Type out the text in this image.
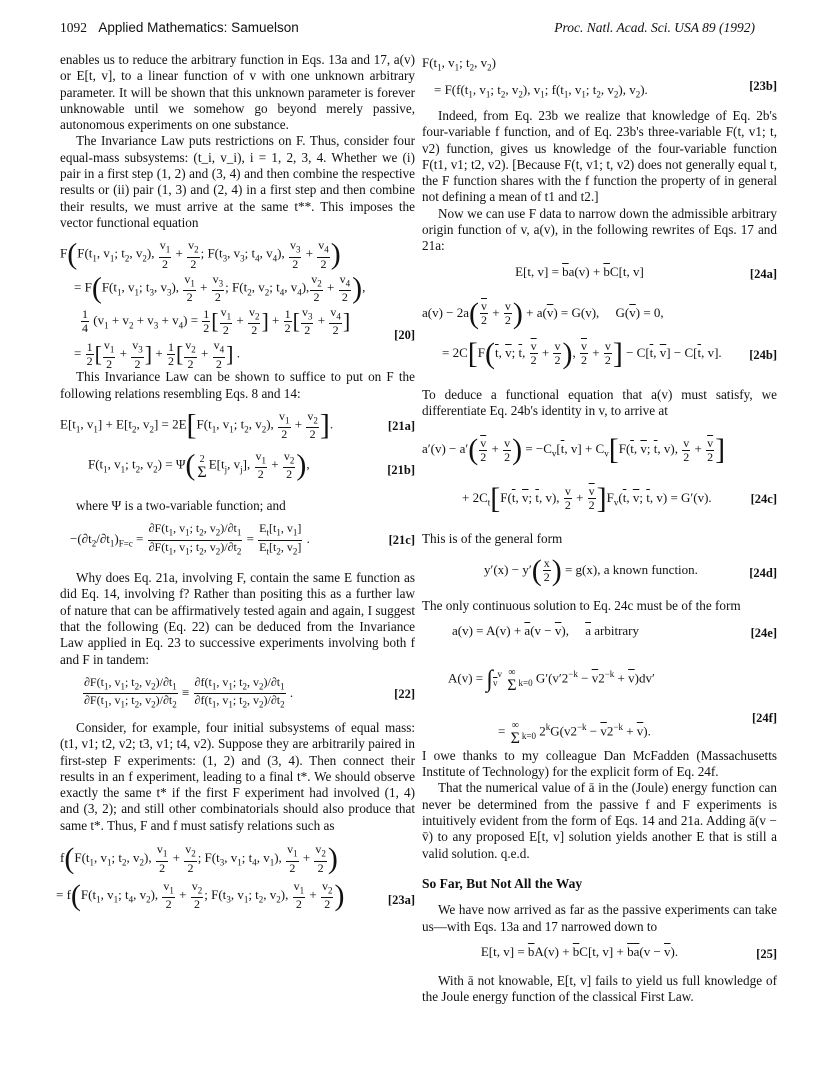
1092 Applied Mathematics: Samuelson	Proc. Natl. Acad. Sci. USA 89 (1992)

enables us to reduce the arbitrary function in Eqs. 13a and 17, a(v) or E[t, v], to a linear function of v with one unknown arbitrary parameter. It will be shown that this unknown parameter is forever unknowable until we somehow go beyond merely passive, autonomous experiments on one substance.

The Invariance Law puts restrictions on F. Thus, consider four equal-mass subsystems: (t_i, v_i), i = 1, 2, 3, 4. Whether we (i) pair in a first step (1, 2) and (3, 4) and then combine the respective results or (ii) pair (1, 3) and (2, 4) in a first step and then combine their results, we must arrive at the same t**. This imposes the vector functional equation

$F(F(t_1$, $v_1$; $t_2$, $v_2$), $\frac{v_1}{2} + \frac{v_2}{2}$ ; $F(t_3$, $v_3$; $t_4$, $v_4$), $\frac{v_3}{2} + \frac{v_4}{2}$ )
= $F(F(t_1$, $v_1$; $t_3$, $v_3$), $\frac{v_1}{2} + \frac{v_3}{2}$ ; $F(t_2$, $v_2$; $t_4$, $v_4$), $\frac{v_2}{2} + \frac{v_4}{2}$ ),
$\frac{1}{4} (v_1 + v_2 + v_3 + v_4) = \frac{1}{2}$ [ $\frac{v_1}{2} + \frac{v_2}{2}$ ] + $\frac{1}{2}$ [ $\frac{v_3}{2} + \frac{v_4}{2}$ ]
= $\frac{1}{2}$ [ $\frac{v_1}{2} + \frac{v_3}{2}$ ] + $\frac{1}{2}$ [ $\frac{v_2}{2} + \frac{v_4}{2}$ ] .
[20]

This Invariance Law can be shown to suffice to put on F the following relations resembling Eqs. 8 and 14:

$E[t_1$, $v_1] + E[t_2$, $v_2] = 2E[F(t_1$, $v_1$; $t_2$, $v_2$), $\frac{v_1}{2} + \frac{v_2}{2}$ ].	[21a]
$F(t_1$, $v_1$; $t_2$, $v_2) = \Psi$( 2
Σ $E[t_j$, $v_j$], $\frac{v_1}{2} + \frac{v_2}{2}$ ),	[21b]

where Ψ is a two-variable function; and

$-(\partial t_2/\partial t_1)_{F=c} = \frac{\partial F(t_1, v_1; t_2, v_2)/\partial t_1}{\partial F(t_1, v_1; t_2, v_2)/\partial t_2} = \frac{E_t[t_1, v_1]}{E_t[t_2, v_2]}$ .	[21c]

Why does Eq. 21a, involving F, contain the same E function as did Eq. 14, involving f? Rather than positing this as a further law of nature that can be affirmatively tested again and again, I suggest that the following (Eq. 22) can be deduced from the Invariance Law applied in Eq. 23 to successive experiments involving both f and F in tandem:

$\frac{\partial F(t_1, v_1; t_2, v_2)/\partial t_1}{\partial F(t_1, v_1; t_2, v_2)/\partial t_2} \equiv \frac{\partial f(t_1, v_1; t_2, v_2)/\partial t_1}{\partial f(t_1, v_1; t_2, v_2)/\partial t_2}$ .	[22]

Consider, for example, four initial subsystems of equal mass: (t1, v1; t2, v2; t3, v1; t4, v2). Suppose they are arbitrarily paired in first-step F experiments: (1, 2) and (3, 4). Then connect their results in an f experiment, leading to a final t*. We should observe exactly the same t* if the first F experiment had involved (1, 4) and (3, 2); and still other combinatorials should also produce that same t*. Thus, F and f must satisfy relations such as

$f(F(t_1$, $v_1$; $t_2$, $v_2$), $\frac{v_1}{2} + \frac{v_2}{2}$ ; $F(t_3$, $v_1$; $t_4$, $v_1$), $\frac{v_1}{2} + \frac{v_2}{2}$ )
= $f(F(t_1$, $v_1$; $t_4$, $v_2$), $\frac{v_1}{2} + \frac{v_2}{2}$ ; $F(t_3$, $v_1$; $t_2$, $v_2$), $\frac{v_1}{2} + \frac{v_2}{2}$ )	[23a]
$F(t_1$, $v_1$; $t_2$, $v_2$)
= $F(f(t_1$, $v_1$; $t_2$, $v_2$), $v_1$; $f(t_1$, $v_1$; $t_2$, $v_2$), $v_2$).	[23b]

Indeed, from Eq. 23b we realize that knowledge of Eq. 2b's four-variable f function, and of Eq. 23b's three-variable F(t, v1; t, v2) function, gives us knowledge of the four-variable function F(t1, v1; t2, v2). [Because F(t, v1; t, v2) does not generally equal t, the F function shares with the f function the property of in general not defining a mean of t1 and t2.]

Now we can use F data to narrow down the admissible arbitrary origin function of v, a(v), in the following rewrites of Eqs. 17 and 21a:

E[t, $v] = \overline{b}a(v) + \overline{b}C[t$, v]	[24a]
$a(v) - 2a( \frac{\overline{v}}{2} + \frac{v}{2}$ ) + $a(\overline{v}) = G(v)$,     $G(\overline{v}) = 0$,
= $2C[F(\overline{t}$, $\overline{v}$; $\overline{t}$, $\frac{\overline{v}}{2} + \frac{v}{2}$ ), $\frac{\overline{v}}{2} + \frac{v}{2}$ ] − $C[\overline{t}$, $\overline{v}] - C[\overline{t}$, v]. [24b]

To deduce a functional equation that a(v) must satisfy, we differentiate Eq. 24b's identity in v, to arrive at

$a'(v) - a'( \frac{\overline{v}}{2} + \frac{v}{2}$ ) = $-C_v[\overline{t}$, $v] + C_v[F(\overline{t}$, $\overline{v}$; $\overline{t}$, v), $\frac{v}{2} + \frac{\overline{v}}{2}$ ]
+ $2C_t[F(\overline{t}$, $\overline{v}$; $\overline{t}$, v), $\frac{v}{2} + \frac{\overline{v}}{2} ]F_v(\overline{t}$, $\overline{v}$; $\overline{t}$, v) = G′(v).	[24c]

This is of the general form

$y'(x) - y'( \frac{x}{2}$ ) = g(x), a known function.	[24d]

The only continuous solution to Eq. 24c must be of the form

$a(v) = A(v) + \overline{a}(v - \overline{v})$,     $\overline{a}$ arbitrary	[24e]
$A(v) = \int_{\overline{v}}^v$ ∞
Σ $_{k=0}$ $G'(v'2^{-k} - \overline{v}2^{-k} + \overline{v})dv'$
= ∞
Σ $_{k=0}$ $2^kG(v2^{-k} - \overline{v}2^{-k} + \overline{v})$.
[24f]

I owe thanks to my colleague Dan McFadden (Massachusetts Institute of Technology) for the explicit form of Eq. 24f.

That the numerical value of ā in the (Joule) energy function can never be determined from the passive f and F experiments is intuitively evident from the form of Eqs. 14 and 21a. Adding ā(v − v̄) to any proposed E[t, v] solution yields another E that is still a valid solution. q.e.d.

So Far, But Not All the Way

We have now arrived as far as the passive experiments can take us—with Eqs. 13a and 17 narrowed down to

E[t, $v] = \overline{b}A(v) + \overline{b}C[t$, $v] + \overline{b}\overline{a}(v - \overline{v})$.	[25]

With ā not knowable, E[t, v] fails to yield us full knowledge of the Joule energy function of the classical First Law.
